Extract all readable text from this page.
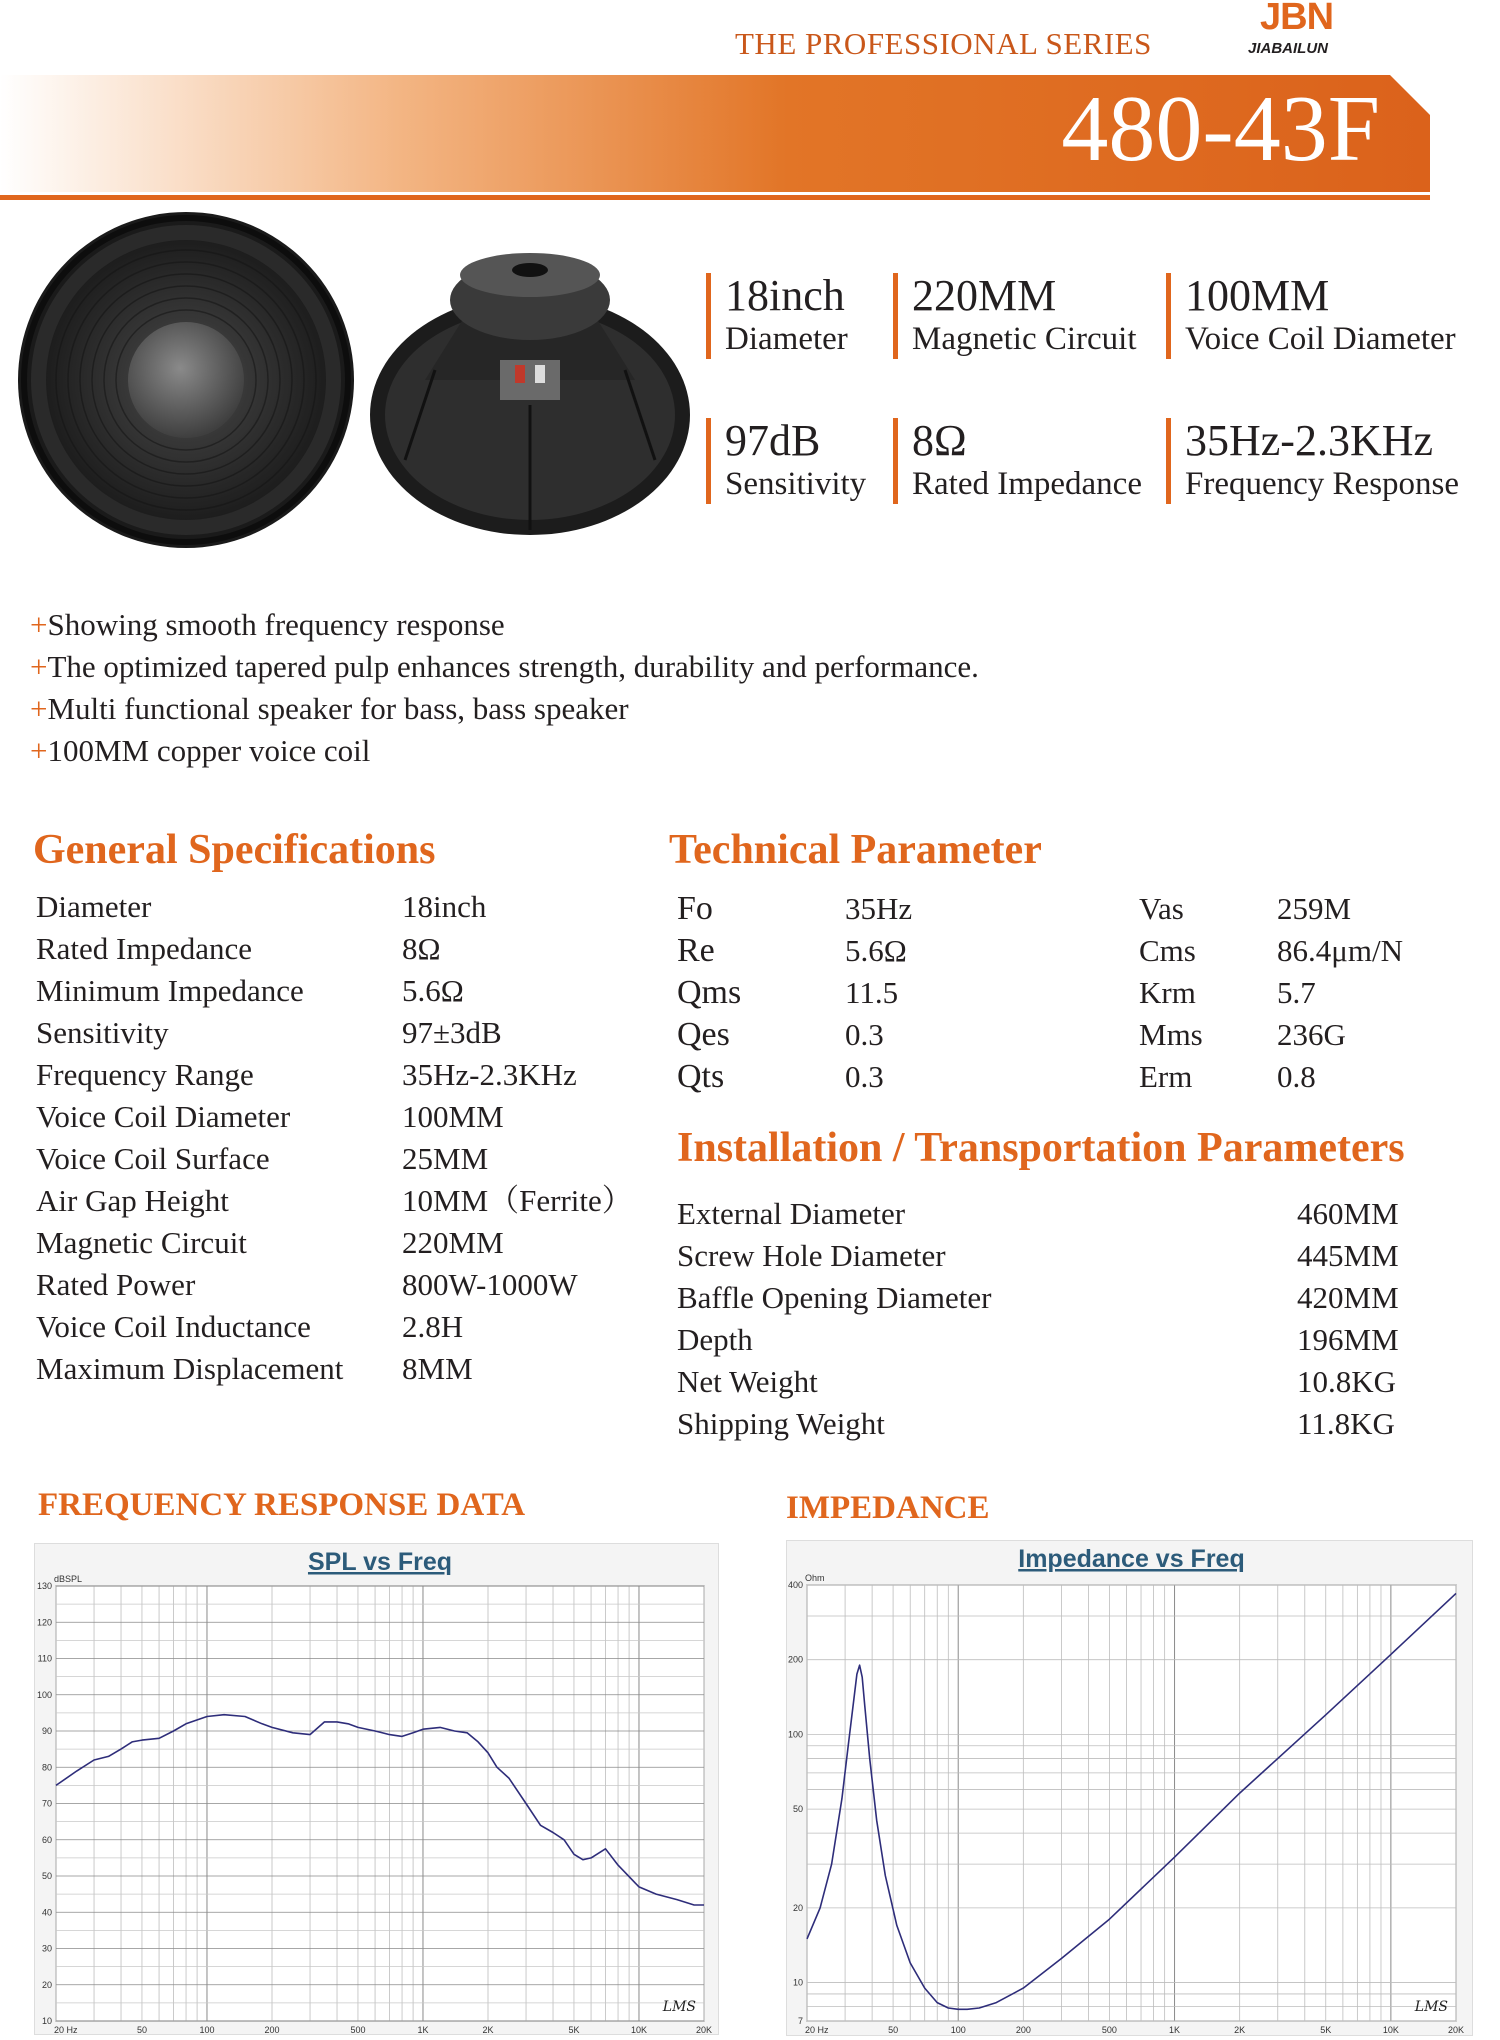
THE PROFESSIONAL SERIES
JBN
JIABAILUN
480-43F
18inch
Diameter
220MM
Magnetic Circuit
100MM
Voice Coil Diameter
97dB
Sensitivity
8Ω
Rated Impedance
35Hz-2.3KHz
Frequency Response
+Showing smooth frequency response
+The optimized tapered pulp enhances strength, durability and performance.
+Multi functional speaker for bass, bass speaker
+100MM copper voice coil
General Specifications
Diameter	18inch
Rated Impedance	8Ω
Minimum Impedance	5.6Ω
Sensitivity	97±3dB
Frequency Range	35Hz-2.3KHz
Voice Coil Diameter	100MM
Voice Coil Surface	25MM
Air Gap Height	10MM（Ferrite）
Magnetic Circuit	220MM
Rated Power	800W-1000W
Voice Coil Inductance	2.8H
Maximum Displacement 8MM
Technical Parameter
Fo	35Hz	Vas	259M
Re	5.6Ω	Cms	86.4μm/N
Qms	11.5	Krm	5.7
Qes	0.3	Mms 236G
Qts	0.3	Erm	0.8
Installation / Transportation Parameters
External Diameter	460MM
Screw Hole Diameter	445MM
Baffle Opening Diameter	420MM
Depth	196MM
Net Weight	10.8KG
Shipping Weight	11.8KG
FREQUENCY RESPONSE DATA	IMPEDANCE
SPL vs Freq
dBSPL
130
120
110
100
90
80
70
60
50
40
30
20
10
20 Hz	50	100	200	500	1K	2K	5K	10K	20K
LMS
Impedance vs Freq
Ohm
400
200
100
50
20
10
7
20 Hz	50	100	200	500	1K	2K	5K	10K	20K
LMS
